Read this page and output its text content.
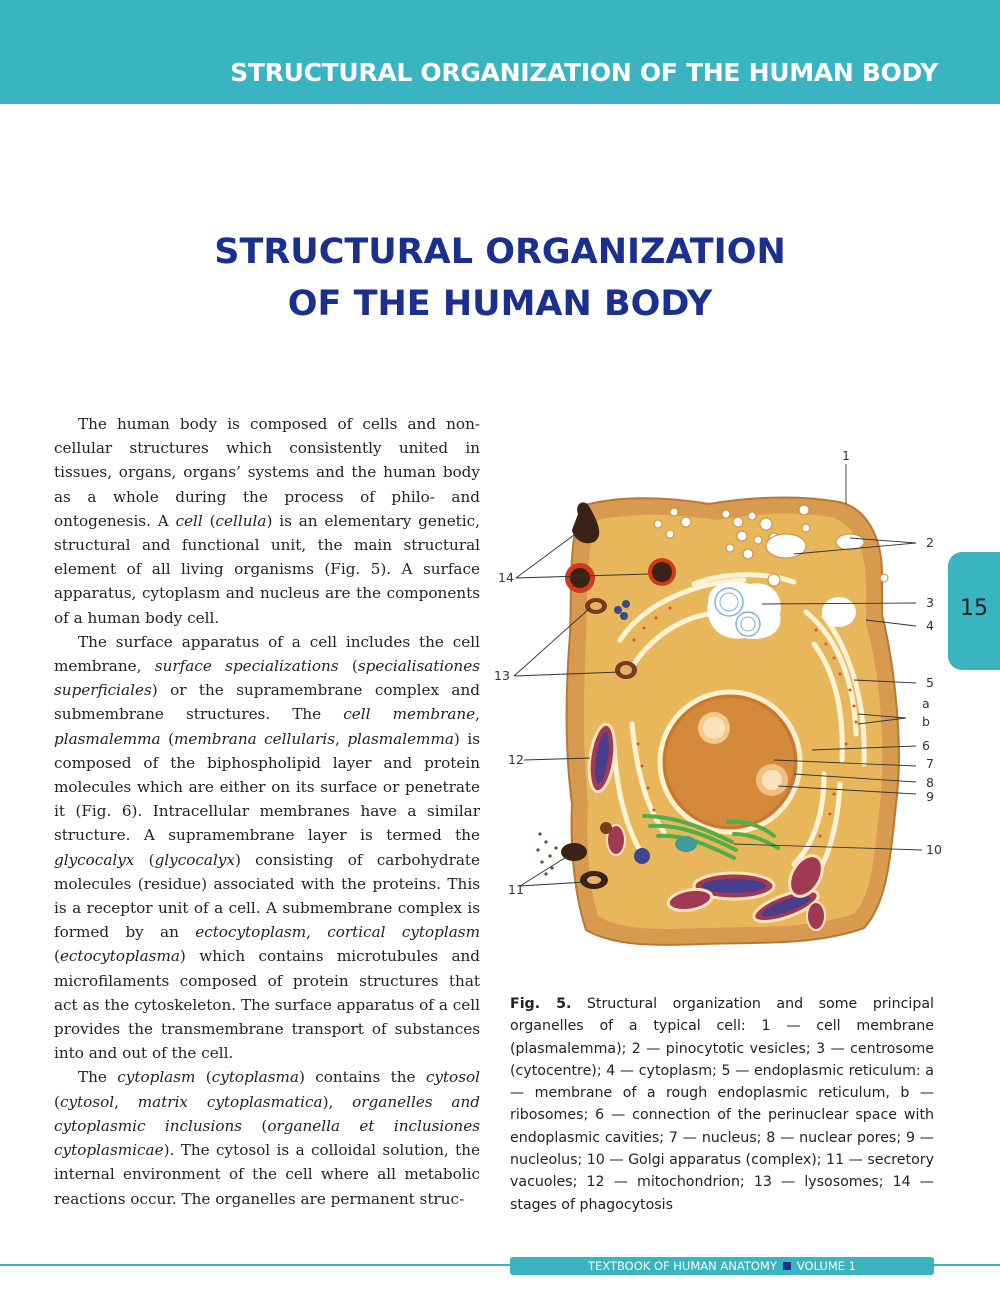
STRUCTURAL ORGANIZATION OF THE HUMAN BODY
STRUCTURAL ORGANIZATION
OF THE HUMAN BODY

The human body is composed of cells and non-cellular structures which consistently united in tissues, organs, organs’ systems and the human body as a whole during the process of philo- and ontogenesis. A cell (cellula) is an elementary genetic, structural and functional unit, the main structural element of all living organisms (Fig. 5). A surface apparatus, cytoplasm and nucleus are the components of a human body cell.

The surface apparatus of a cell includes the cell membrane, surface specializations (specialisationes superficiales) or the supramembrane complex and submembrane structures. The cell membrane, plasmalemma (membrana cellularis, plasmalemma) is composed of the biphospholipid layer and protein molecules which are either on its surface or penetrate it (Fig. 6). Intracellular membranes have a similar structure. A supramembrane layer is termed the glycocalyx (glycocalyx) consisting of carbohydrate molecules (residue) associated with the proteins. This is a receptor unit of a cell. A submembrane complex is formed by an ectocytoplasm, cortical cytoplasm (ectocytoplasma) which contains microtubules and microfilaments composed of protein structures that act as the cytoskeleton. The surface apparatus of a cell provides the transmembrane transport of substances into and out of the cell.

The cytoplasm (cytoplasma) contains the cytosol (cytosol, matrix cytoplasmatica), organelles and cytoplasmic inclusions (organella et inclusiones cytoplasmicae). The cytosol is a colloidal solution, the internal environment of the cell where all metabolic reactions occur. The organelles are permanent struc-

15
1
2
3
4
5
a
b
6
7
8
9
10
11
12
13
14
Fig. 5. Structural organization and some principal organelles of a typical cell: 1 — cell membrane (plasmalemma); 2 — pinocytotic vesicles; 3 — centrosome (cytocentre); 4 — cytoplasm; 5 — endoplasmic reticulum: a — membrane of a rough endoplasmic reticulum, b — ribosomes; 6 — connection of the perinuclear space with endoplasmic cavities; 7 — nucleus; 8 — nuclear pores; 9 — nucleolus; 10 — Golgi apparatus (complex); 11 — secretory vacuoles; 12 — mitochondrion; 13 — lysosomes; 14 — stages of phagocytosis
TEXTBOOK OF HUMAN ANATOMY VOLUME 1
